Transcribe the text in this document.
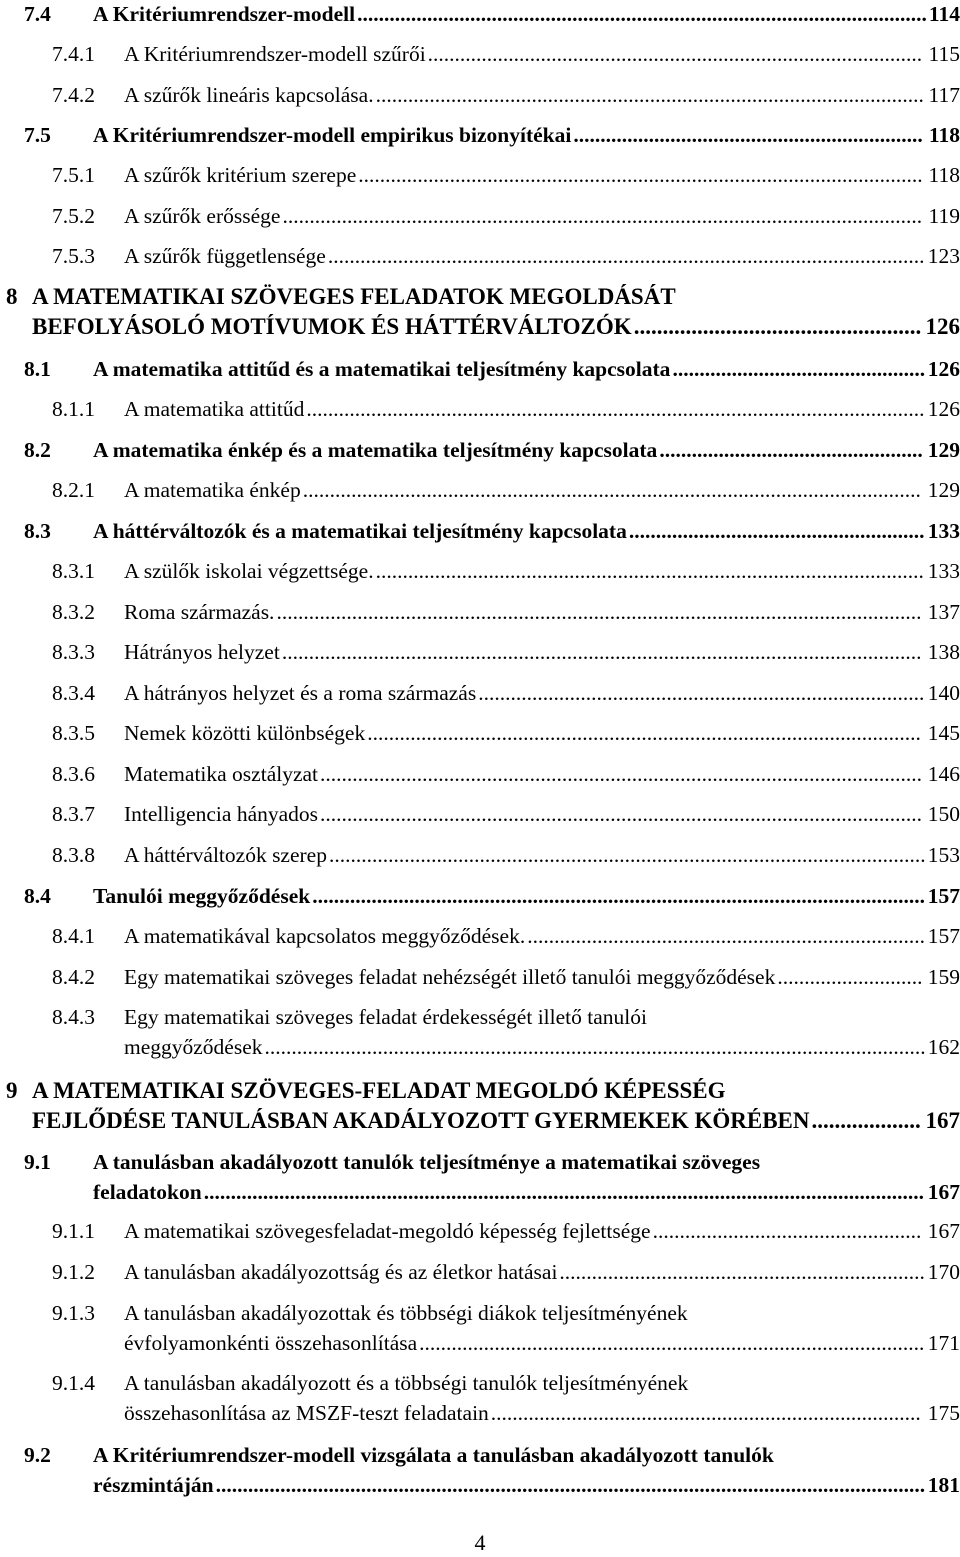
7.4 A Kritériumrendszer-modell	114
..........................................................................................................
7.4.1 A Kritériumrendszer-modell szűrői	115
............................................................................................
7.4.2 A szűrők lineáris kapcsolása.	117
......................................................................................................
7.5 A Kritériumrendszer-modell empirikus bizonyítékai	118
.................................................................
7.5.1 A szűrők kritérium szerepe	118
.........................................................................................................
7.5.2 A szűrők erőssége	119
.......................................................................................................................
7.5.3 A szűrők függetlensége	123
...............................................................................................................
8 A MATEMATIKAI SZÖVEGES FELADATOK MEGOLDÁSÁT
BEFOLYÁSOLÓ MOTÍVUMOK ÉS HÁTTÉRVÁLTOZÓK	126
..................................................
8.1 A matematika attitűd és a matematikai teljesítmény kapcsolata	126
...............................................
8.1.1 A matematika attitűd	126
...................................................................................................................
8.2 A matematika énkép és a matematika teljesítmény kapcsolata	129
.................................................
8.2.1 A matematika énkép	129
...................................................................................................................
8.3 A háttérváltozók és a matematikai teljesítmény kapcsolata	133
.......................................................
8.3.1 A szülők iskolai végzettsége.	133
......................................................................................................
8.3.2 Roma származás.	137
........................................................................................................................
8.3.3 Hátrányos helyzet	138
.......................................................................................................................
8.3.4 A hátrányos helyzet és a roma származás	140
...................................................................................
8.3.5 Nemek közötti különbségek	145
.......................................................................................................
8.3.6 Matematika osztályzat	146
................................................................................................................
8.3.7 Intelligencia hányados	150
................................................................................................................
8.3.8 A háttérváltozók szerep	153
...............................................................................................................
8.4 Tanulói meggyőződések	157
..................................................................................................................
8.4.1 A matematikával kapcsolatos meggyőződések.	157
..........................................................................
8.4.2 Egy matematikai szöveges feladat nehézségét illető tanulói meggyőződések	159
...........................
8.4.3 Egy matematikai szöveges feladat érdekességét illető tanulói
meggyőződések	162
...........................................................................................................................
9 A MATEMATIKAI SZÖVEGES-FELADAT MEGOLDÓ KÉPESSÉG
FEJLŐDÉSE TANULÁSBAN AKADÁLYOZOTT GYERMEKEK KÖRÉBEN	167
...................
9.1 A tanulásban akadályozott tanulók teljesítménye a matematikai szöveges
feladatokon	167
......................................................................................................................................
9.1.1 A matematikai szövegesfeladat-megoldó képesség fejlettsége	167
..................................................
9.1.2 A tanulásban akadályozottság és az életkor hatásai	170
....................................................................
9.1.3 A tanulásban akadályozottak és többségi diákok teljesítményének
évfolyamonkénti összehasonlítása	171
..............................................................................................
9.1.4 A tanulásban akadályozott és a többségi tanulók teljesítményének
összehasonlítása az MSZF-teszt feladatain	175
................................................................................
9.2 A Kritériumrendszer-modell vizsgálata a tanulásban akadályozott tanulók
részmintáján	181
....................................................................................................................................
4
